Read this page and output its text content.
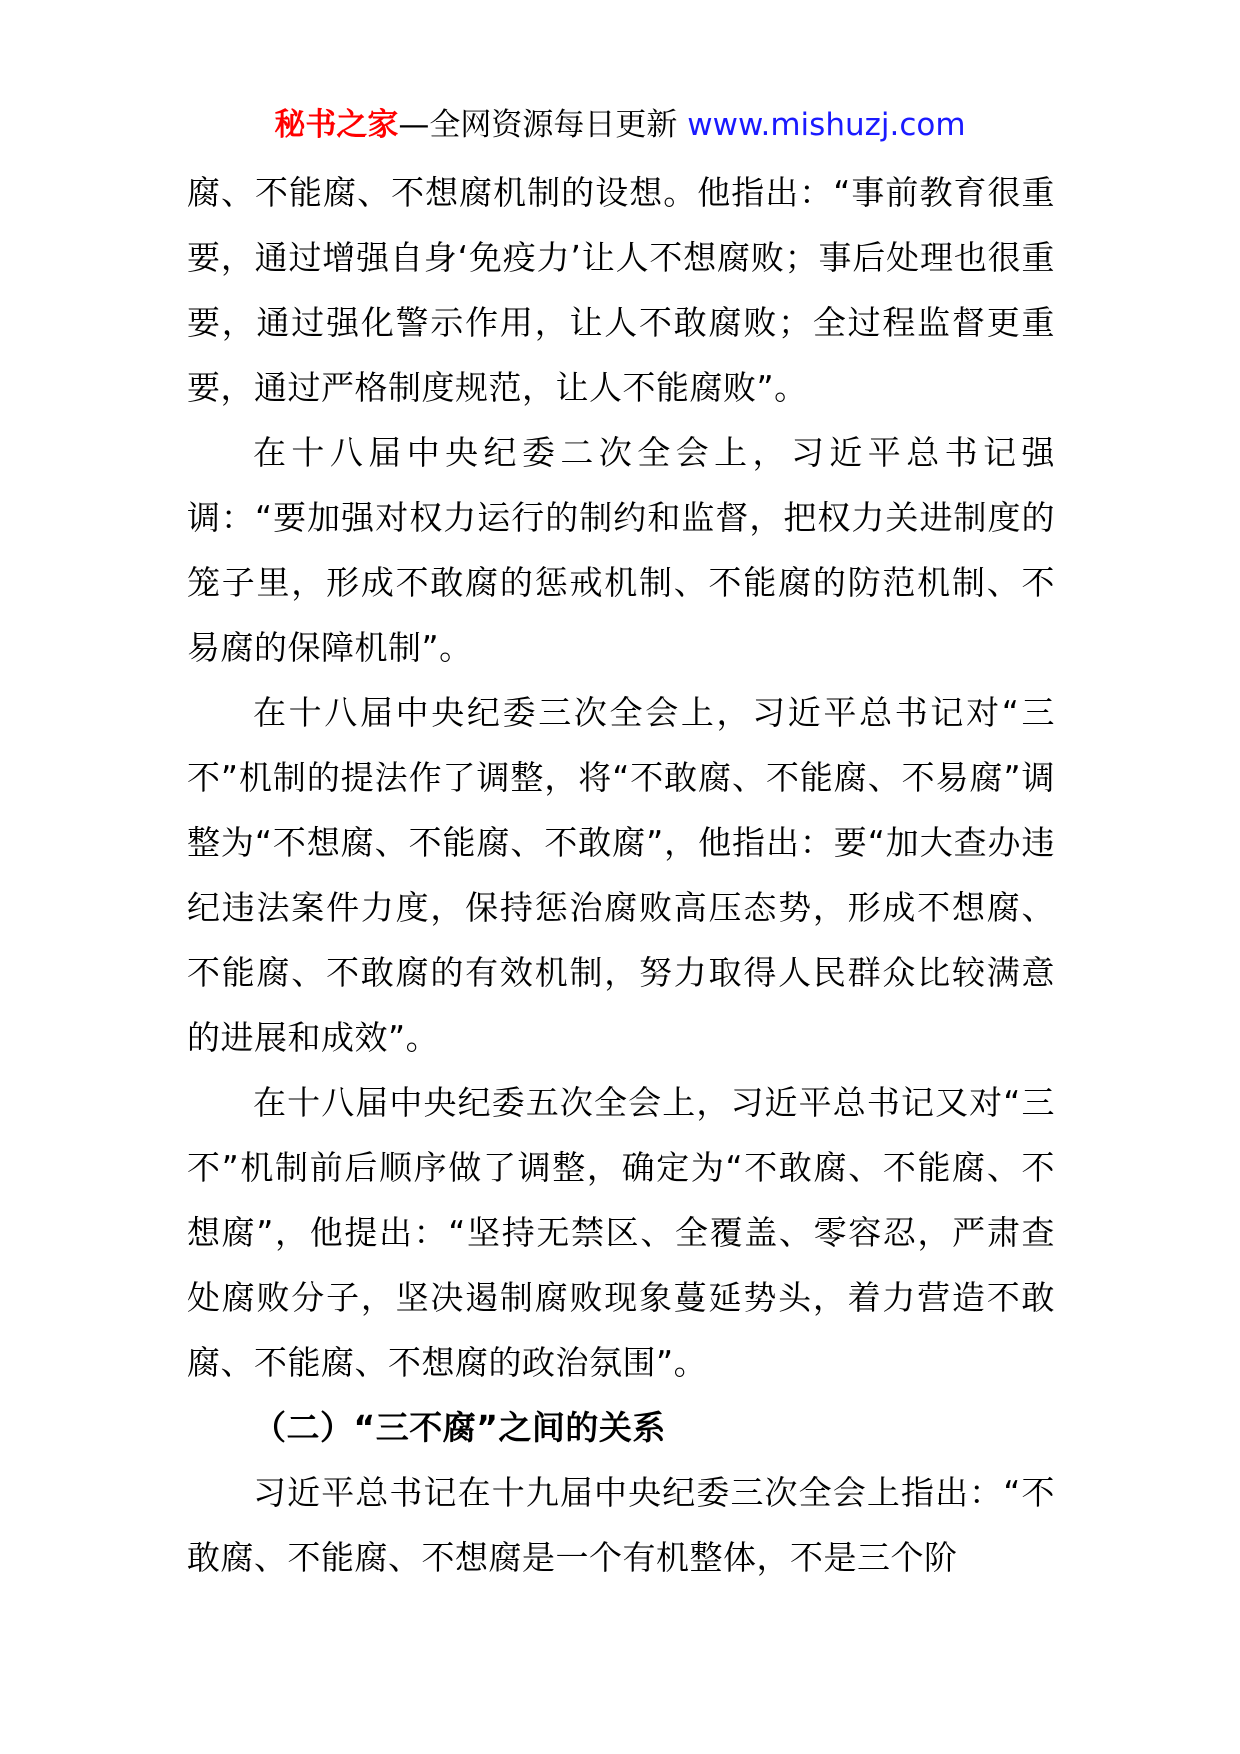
秘书之家—全网资源每日更新 www.mishuzj.com

腐、不能腐、不想腐机制的设想。他指出：“事前教育很重要，通过增强自身‘免疫力’让人不想腐败；事后处理也很重要，通过强化警示作用，让人不敢腐败；全过程监督更重要，通过严格制度规范，让人不能腐败”。

在十八届中央纪委二次全会上，习近平总书记强调：“要加强对权力运行的制约和监督，把权力关进制度的笼子里，形成不敢腐的惩戒机制、不能腐的防范机制、不易腐的保障机制”。

在十八届中央纪委三次全会上，习近平总书记对“三不”机制的提法作了调整，将“不敢腐、不能腐、不易腐”调整为“不想腐、不能腐、不敢腐”，他指出：要“加大查办违纪违法案件力度，保持惩治腐败高压态势，形成不想腐、不能腐、不敢腐的有效机制，努力取得人民群众比较满意的进展和成效”。

在十八届中央纪委五次全会上，习近平总书记又对“三不”机制前后顺序做了调整，确定为“不敢腐、不能腐、不想腐”，他提出：“坚持无禁区、全覆盖、零容忍，严肃查处腐败分子，坚决遏制腐败现象蔓延势头，着力营造不敢腐、不能腐、不想腐的政治氛围”。

（二）“三不腐”之间的关系

习近平总书记在十九届中央纪委三次全会上指出：“不敢腐、不能腐、不想腐是一个有机整体，不是三个阶
